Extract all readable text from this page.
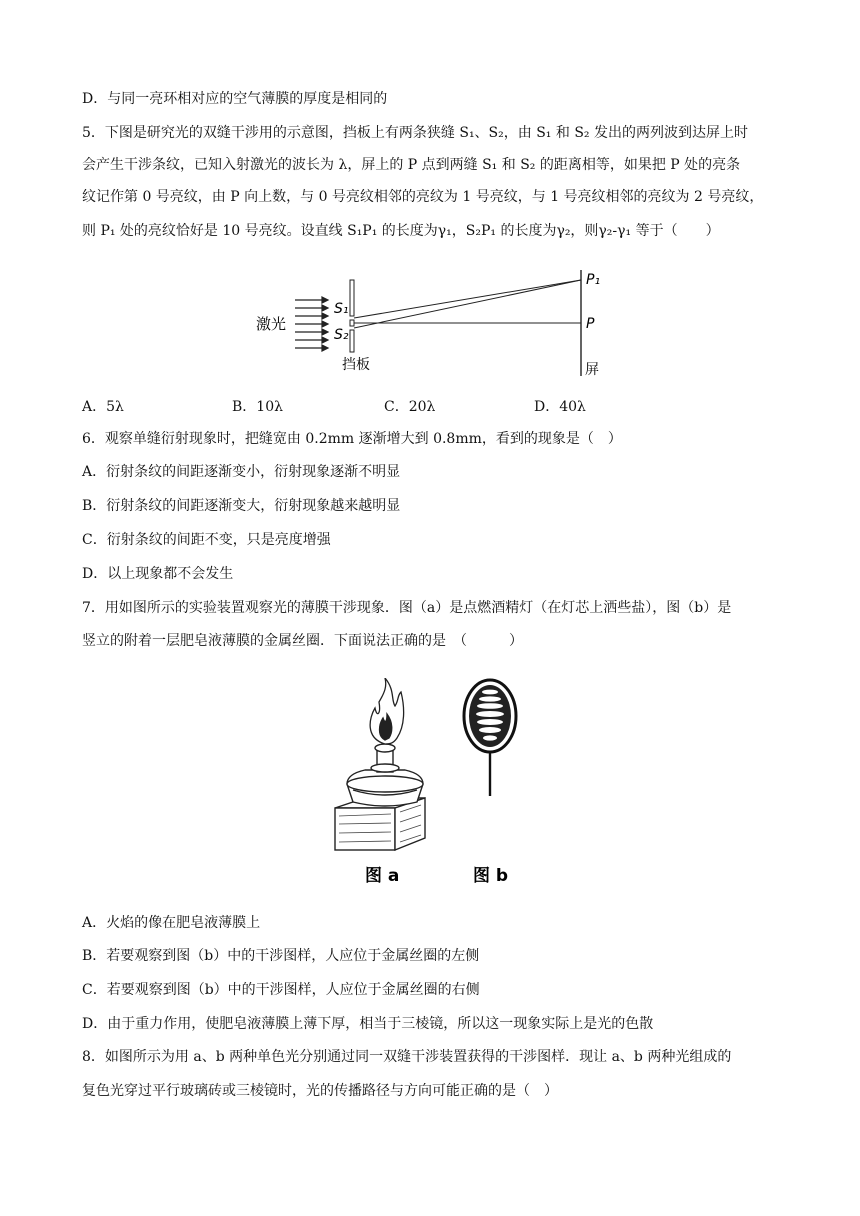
D．与同一亮环相对应的空气薄膜的厚度是相同的
5．下图是研究光的双缝干涉用的示意图，挡板上有两条狭缝 S₁、S₂，由 S₁ 和 S₂ 发出的两列波到达屏上时
会产生干涉条纹，已知入射激光的波长为 λ，屏上的 P 点到两缝 S₁ 和 S₂ 的距离相等，如果把 P 处的亮条
纹记作第 0 号亮纹，由 P 向上数，与 0 号亮纹相邻的亮纹为 1 号亮纹，与 1 号亮纹相邻的亮纹为 2 号亮纹，
则 P₁ 处的亮纹恰好是 10 号亮纹。设直线 S₁P₁ 的长度为γ₁，S₂P₁ 的长度为γ₂，则γ₂-γ₁ 等于（　　）
激光
S₁
S₂
挡板
P₁
P
屏
A．5λ	B．10λ	C．20λ	D．40λ
6．观察单缝衍射现象时，把缝宽由 0.2mm 逐渐增大到 0.8mm，看到的现象是（　）
A．衍射条纹的间距逐渐变小，衍射现象逐渐不明显
B．衍射条纹的间距逐渐变大，衍射现象越来越明显
C．衍射条纹的间距不变，只是亮度增强
D．以上现象都不会发生
7．用如图所示的实验装置观察光的薄膜干涉现象．图（a）是点燃酒精灯（在灯芯上洒些盐），图（b）是
竖立的附着一层肥皂液薄膜的金属丝圈．下面说法正确的是　（　　　）
图 a	图 b
A．火焰的像在肥皂液薄膜上
B．若要观察到图（b）中的干涉图样，人应位于金属丝圈的左侧
C．若要观察到图（b）中的干涉图样，人应位于金属丝圈的右侧
D．由于重力作用，使肥皂液薄膜上薄下厚，相当于三棱镜，所以这一现象实际上是光的色散
8．如图所示为用 a、b 两种单色光分别通过同一双缝干涉装置获得的干涉图样．现让 a、b 两种光组成的
复色光穿过平行玻璃砖或三棱镜时，光的传播路径与方向可能正确的是（　）
